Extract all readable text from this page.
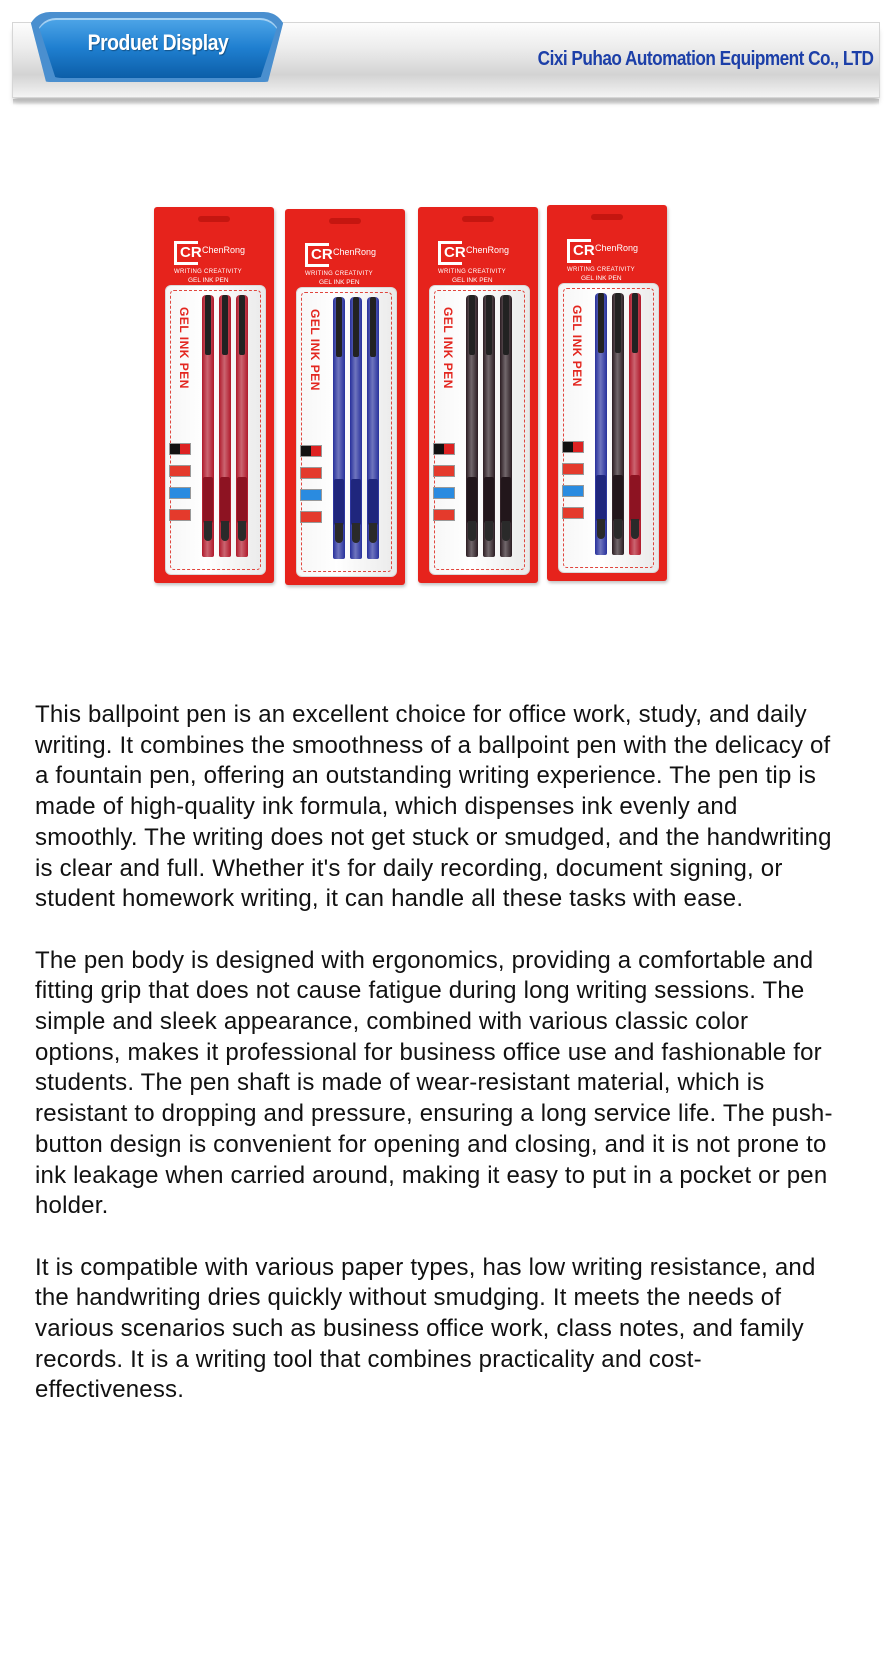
Produet Display
Cixi Puhao Automation Equipment Co., LTD
CR ChenRong
WRITING CREATIVITY
GEL INK PEN
GEL INK PEN
CR ChenRong
WRITING CREATIVITY
GEL INK PEN
GEL INK PEN
CR ChenRong
WRITING CREATIVITY
GEL INK PEN
GEL INK PEN
CR ChenRong
WRITING CREATIVITY
GEL INK PEN
GEL INK PEN

This ballpoint pen is an excellent choice for office work, study, and daily writing. It combines the smoothness of a ballpoint pen with the delicacy of a fountain pen, offering an outstanding writing experience. The pen tip is made of high-quality ink formula, which dispenses ink evenly and smoothly. The writing does not get stuck or smudged, and the handwriting is clear and full. Whether it's for daily recording, document signing, or student homework writing, it can handle all these tasks with ease.

The pen body is designed with ergonomics, providing a comfortable and fitting grip that does not cause fatigue during long writing sessions. The simple and sleek appearance, combined with various classic color options, makes it professional for business office use and fashionable for students. The pen shaft is made of wear-resistant material, which is resistant to dropping and pressure, ensuring a long service life. The push-button design is convenient for opening and closing, and it is not prone to ink leakage when carried around, making it easy to put in a pocket or pen holder.

It is compatible with various paper types, has low writing resistance, and the handwriting dries quickly without smudging. It meets the needs of various scenarios such as business office work, class notes, and family records. It is a writing tool that combines practicality and cost-effectiveness.
